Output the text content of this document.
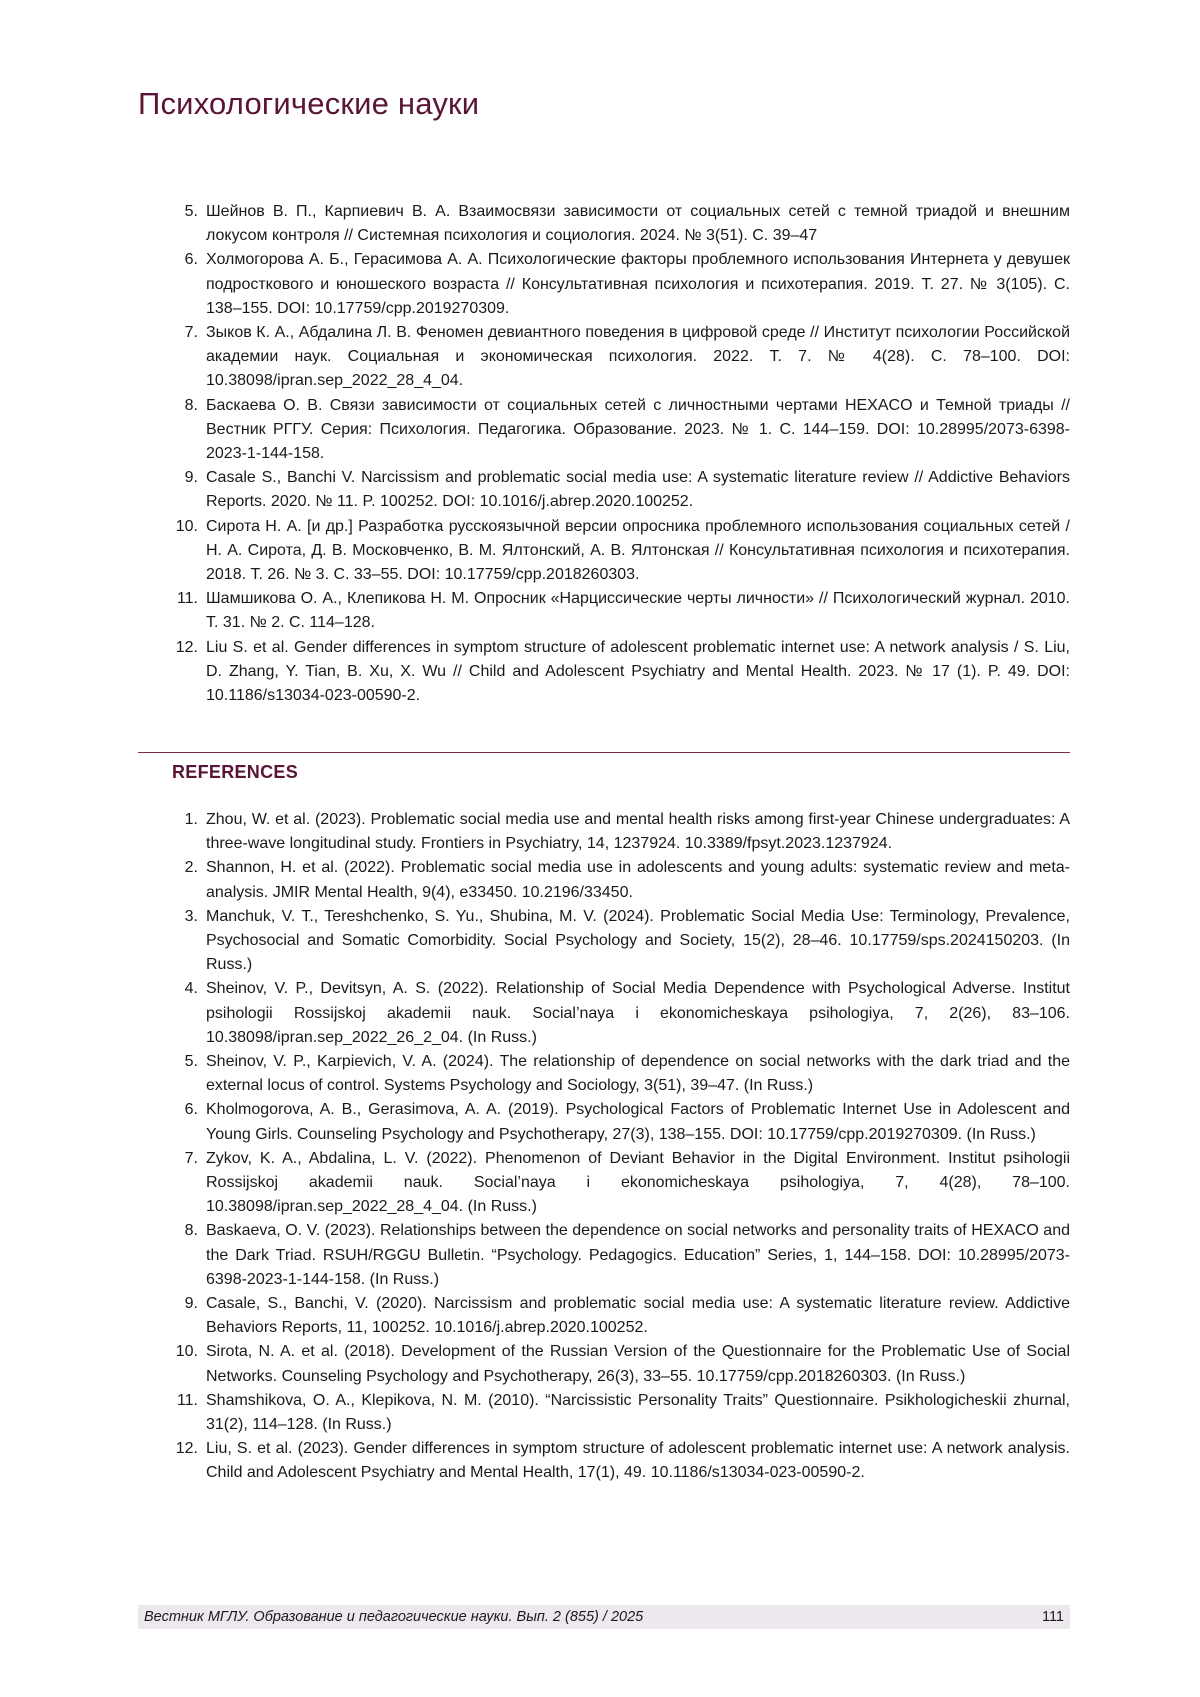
Психологические науки
5. Шейнов В. П., Карпиевич В. А. Взаимосвязи зависимости от социальных сетей с темной триадой и внешним локусом контроля // Системная психология и социология. 2024. № 3(51). С. 39–47
6. Холмогорова А. Б., Герасимова А. А. Психологические факторы проблемного использования Интернета у девушек подросткового и юношеского возраста // Консультативная психология и психотерапия. 2019. Т. 27. № 3(105). С. 138–155. DOI: 10.17759/cpp.2019270309.
7. Зыков К. А., Абдалина Л. В. Феномен девиантного поведения в цифровой среде // Институт психологии Российской академии наук. Социальная и экономическая психология. 2022. Т. 7. № 4(28). С. 78–100. DOI: 10.38098/ipran.sep_2022_28_4_04.
8. Баскаева О. В. Связи зависимости от социальных сетей с личностными чертами HEXACO и Темной триады // Вестник РГГУ. Серия: Психология. Педагогика. Образование. 2023. № 1. С. 144–159. DOI: 10.28995/2073-6398-2023-1-144-158.
9. Casale S., Banchi V. Narcissism and problematic social media use: A systematic literature review // Addictive Behaviors Reports. 2020. № 11. P. 100252. DOI: 10.1016/j.abrep.2020.100252.
10. Сирота Н. А. [и др.] Разработка русскоязычной версии опросника проблемного использования социальных сетей / Н. А. Сирота, Д. В. Московченко, В. М. Ялтонский, А. В. Ялтонская // Консультативная психология и психотерапия. 2018. Т. 26. № 3. С. 33–55. DOI: 10.17759/cpp.2018260303.
11. Шамшикова О. А., Клепикова Н. М. Опросник «Нарциссические черты личности» // Психологический журнал. 2010. Т. 31. № 2. С. 114–128.
12. Liu S. et al. Gender differences in symptom structure of adolescent problematic internet use: A network analysis / S. Liu, D. Zhang, Y. Tian, B. Xu, X. Wu // Child and Adolescent Psychiatry and Mental Health. 2023. № 17 (1). P. 49. DOI: 10.1186/s13034-023-00590-2.
REFERENCES
1. Zhou, W. et al. (2023). Problematic social media use and mental health risks among first-year Chinese undergraduates: A three-wave longitudinal study. Frontiers in Psychiatry, 14, 1237924. 10.3389/fpsyt.2023.1237924.
2. Shannon, H. et al. (2022). Problematic social media use in adolescents and young adults: systematic review and meta-analysis. JMIR Mental Health, 9(4), e33450. 10.2196/33450.
3. Manchuk, V. T., Tereshchenko, S. Yu., Shubina, M. V. (2024). Problematic Social Media Use: Terminology, Prevalence, Psychosocial and Somatic Comorbidity. Social Psychology and Society, 15(2), 28–46. 10.17759/sps.2024150203. (In Russ.)
4. Sheinov, V. P., Devitsyn, A. S. (2022). Relationship of Social Media Dependence with Psychological Adverse. Institut psihologii Rossijskoj akademii nauk. Social’naya i ekonomicheskaya psihologiya, 7, 2(26), 83–106. 10.38098/ipran.sep_2022_26_2_04. (In Russ.)
5. Sheinov, V. P., Karpievich, V. A. (2024). The relationship of dependence on social networks with the dark triad and the external locus of control. Systems Psychology and Sociology, 3(51), 39–47. (In Russ.)
6. Kholmogorova, A. B., Gerasimova, A. A. (2019). Psychological Factors of Problematic Internet Use in Adolescent and Young Girls. Counseling Psychology and Psychotherapy, 27(3), 138–155. DOI: 10.17759/cpp.2019270309. (In Russ.)
7. Zykov, K. A., Abdalina, L. V. (2022). Phenomenon of Deviant Behavior in the Digital Environment. Institut psihologii Rossijskoj akademii nauk. Social’naya i ekonomicheskaya psihologiya, 7, 4(28), 78–100. 10.38098/ipran.sep_2022_28_4_04. (In Russ.)
8. Baskaeva, O. V. (2023). Relationships between the dependence on social networks and personality traits of HEXACO and the Dark Triad. RSUH/RGGU Bulletin. “Psychology. Pedagogics. Education” Series, 1, 144–158. DOI: 10.28995/2073-6398-2023-1-144-158. (In Russ.)
9. Casale, S., Banchi, V. (2020). Narcissism and problematic social media use: A systematic literature review. Addictive Behaviors Reports, 11, 100252. 10.1016/j.abrep.2020.100252.
10. Sirota, N. A. et al. (2018). Development of the Russian Version of the Questionnaire for the Problematic Use of Social Networks. Counseling Psychology and Psychotherapy, 26(3), 33–55. 10.17759/cpp.2018260303. (In Russ.)
11. Shamshikova, O. A., Klepikova, N. M. (2010). “Narcissistic Personality Traits” Questionnaire. Psikhologicheskii zhurnal, 31(2), 114–128. (In Russ.)
12. Liu, S. et al. (2023). Gender differences in symptom structure of adolescent problematic internet use: A network analysis. Child and Adolescent Psychiatry and Mental Health, 17(1), 49. 10.1186/s13034-023-00590-2.
Вестник МГЛУ. Образование и педагогические науки. Вып. 2 (855) / 2025	111
